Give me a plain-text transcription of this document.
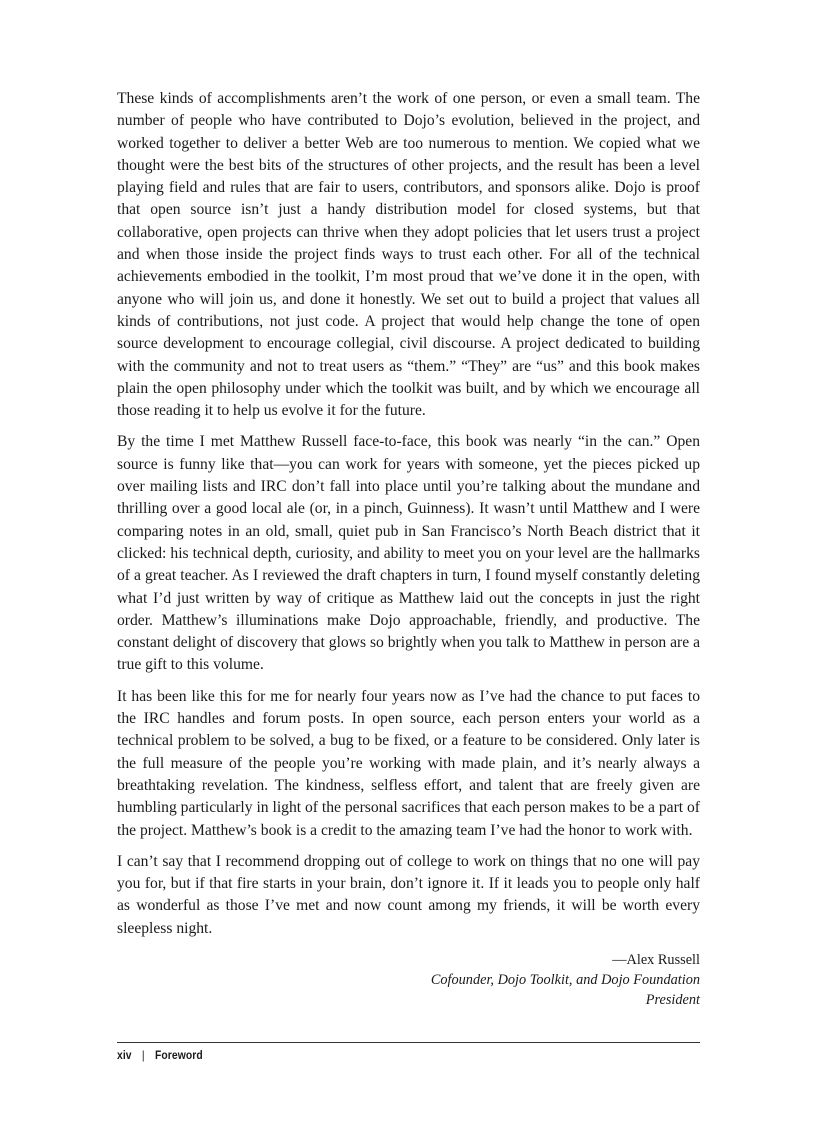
These kinds of accomplishments aren’t the work of one person, or even a small team. The number of people who have contributed to Dojo’s evolution, believed in the project, and worked together to deliver a better Web are too numerous to mention. We copied what we thought were the best bits of the structures of other projects, and the result has been a level playing field and rules that are fair to users, contributors, and sponsors alike. Dojo is proof that open source isn’t just a handy distribution model for closed systems, but that collaborative, open projects can thrive when they adopt policies that let users trust a project and when those inside the project finds ways to trust each other. For all of the technical achievements embodied in the toolkit, I’m most proud that we’ve done it in the open, with anyone who will join us, and done it honestly. We set out to build a project that values all kinds of contributions, not just code. A project that would help change the tone of open source development to encourage collegial, civil discourse. A project dedicated to building with the community and not to treat users as “them.” “They” are “us” and this book makes plain the open philosophy under which the toolkit was built, and by which we encourage all those reading it to help us evolve it for the future.

By the time I met Matthew Russell face-to-face, this book was nearly “in the can.” Open source is funny like that—you can work for years with someone, yet the pieces picked up over mailing lists and IRC don’t fall into place until you’re talking about the mundane and thrilling over a good local ale (or, in a pinch, Guinness). It wasn’t until Matthew and I were comparing notes in an old, small, quiet pub in San Francisco’s North Beach district that it clicked: his technical depth, curiosity, and ability to meet you on your level are the hallmarks of a great teacher. As I reviewed the draft chapters in turn, I found myself constantly deleting what I’d just written by way of critique as Matthew laid out the concepts in just the right order. Matthew’s illuminations make Dojo approachable, friendly, and productive. The constant delight of discovery that glows so brightly when you talk to Matthew in person are a true gift to this volume.

It has been like this for me for nearly four years now as I’ve had the chance to put faces to the IRC handles and forum posts. In open source, each person enters your world as a technical problem to be solved, a bug to be fixed, or a feature to be considered. Only later is the full measure of the people you’re working with made plain, and it’s nearly always a breathtaking revelation. The kindness, selfless effort, and talent that are freely given are humbling particularly in light of the personal sacrifices that each person makes to be a part of the project. Matthew’s book is a credit to the amazing team I’ve had the honor to work with.

I can’t say that I recommend dropping out of college to work on things that no one will pay you for, but if that fire starts in your brain, don’t ignore it. If it leads you to people only half as wonderful as those I’ve met and now count among my friends, it will be worth every sleepless night.

—Alex Russell
Cofounder, Dojo Toolkit, and Dojo Foundation
President
xiv | Foreword
